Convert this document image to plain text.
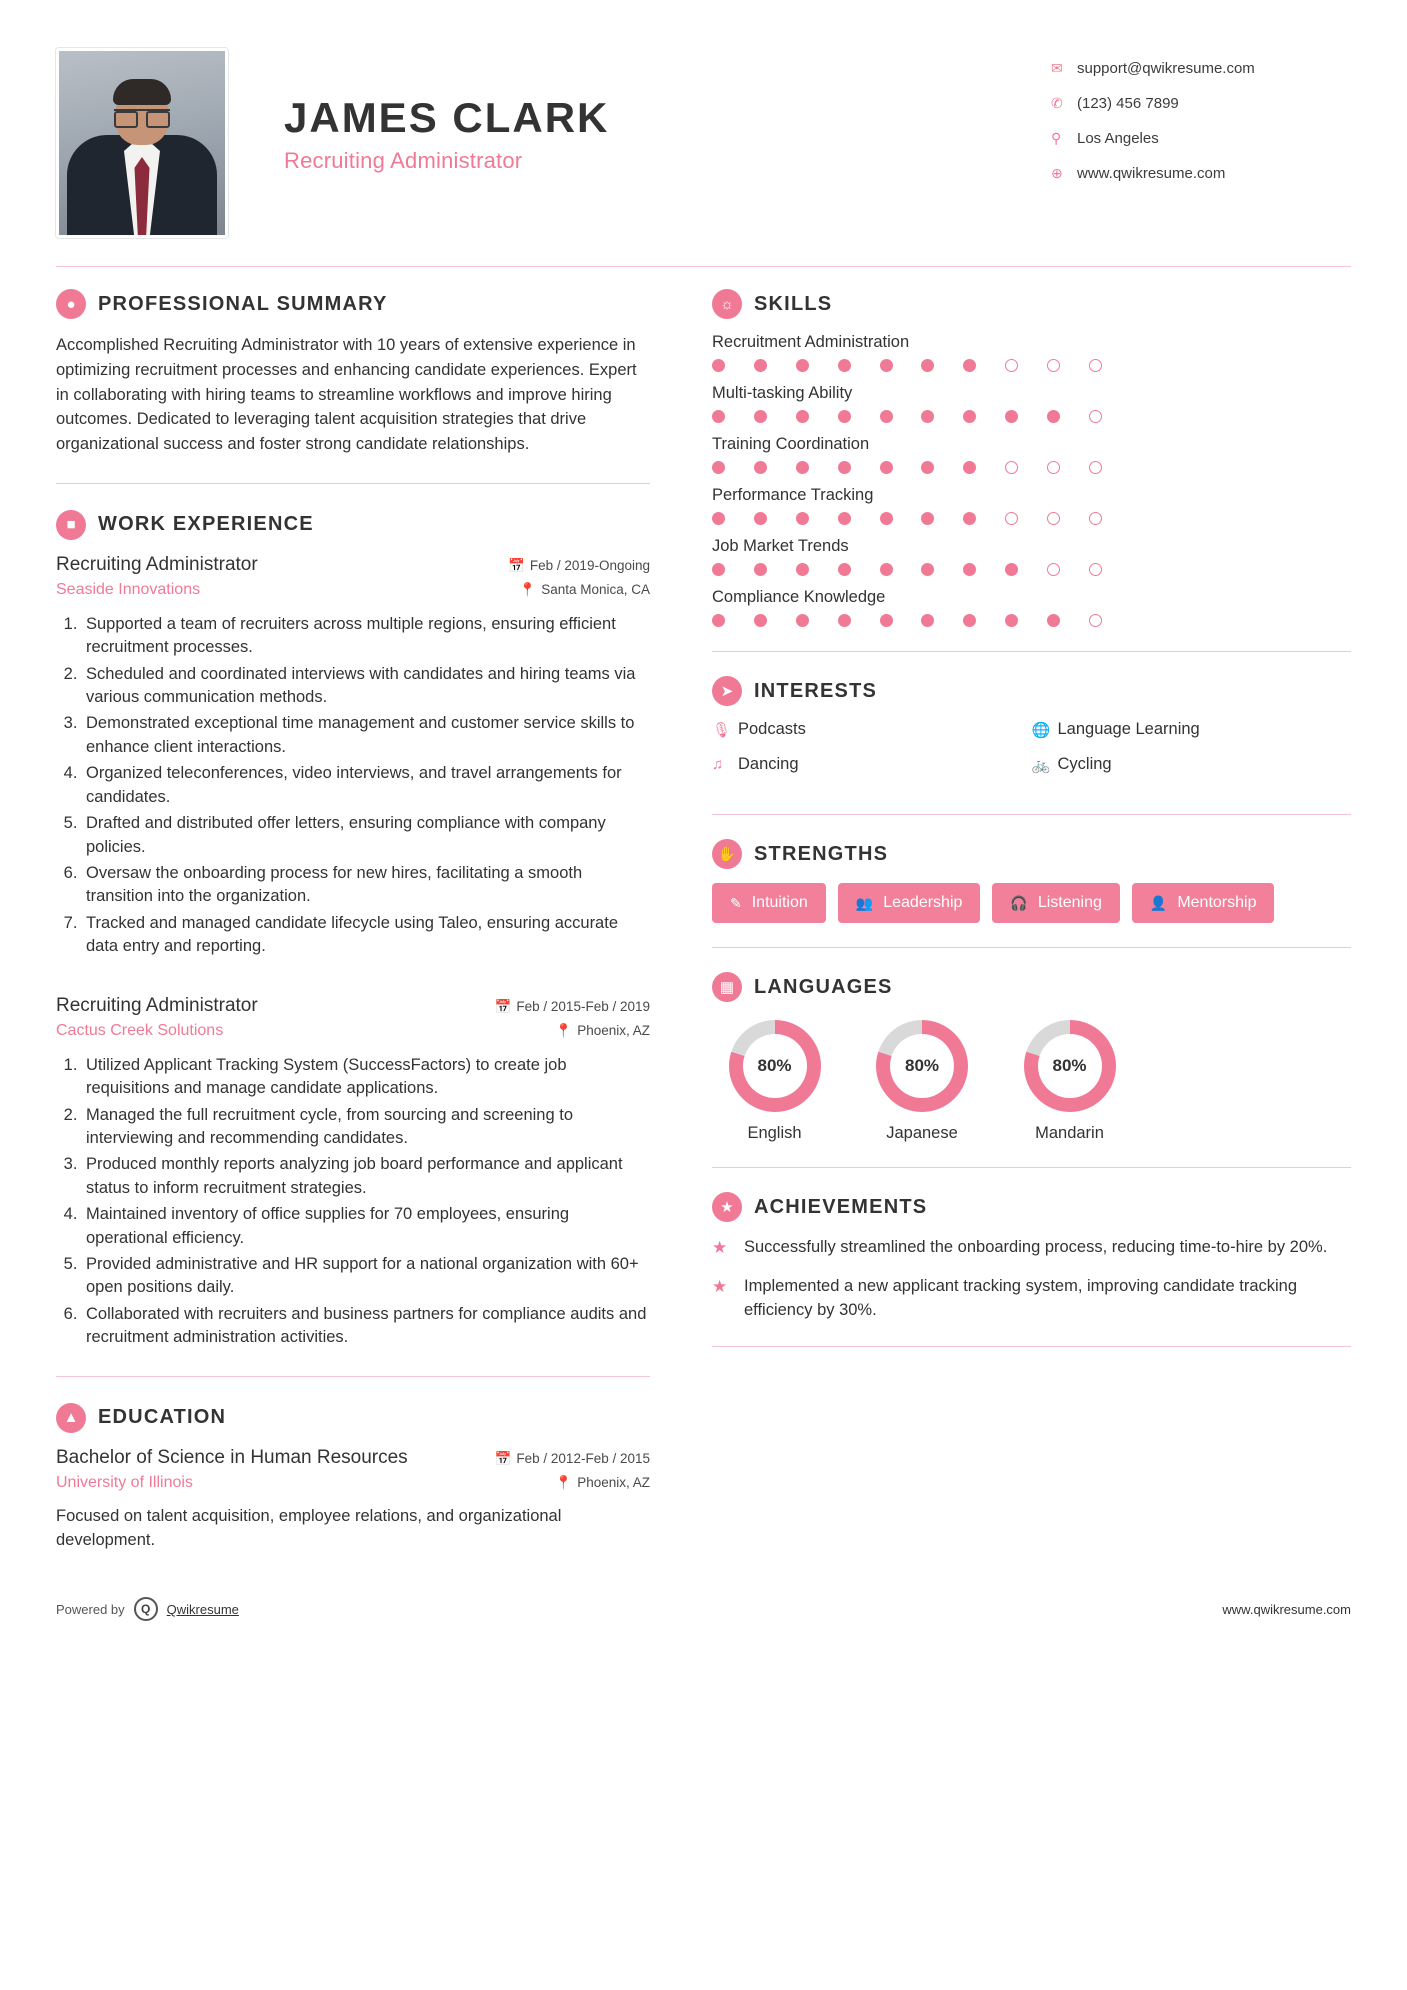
JAMES CLARK
Recruiting Administrator
✉ support@qwikresume.com
✆ (123) 456 7899
⚲	Los Angeles
⊕ www.qwikresume.com
●	PROFESSIONAL SUMMARY
Accomplished Recruiting Administrator with 10 years of extensive experience in optimizing recruitment processes and enhancing candidate experiences. Expert in collaborating with hiring teams to streamline workflows and improve hiring outcomes. Dedicated to leveraging talent acquisition strategies that drive organizational success and foster strong candidate relationships.
■	WORK EXPERIENCE
Recruiting Administrator	📅 Feb / 2019-Ongoing
Seaside Innovations	📍 Santa Monica, CA
1. Supported a team of recruiters across multiple regions, ensuring efficient recruitment processes.
2. Scheduled and coordinated interviews with candidates and hiring teams via various communication methods.
3. Demonstrated exceptional time management and customer service skills to enhance client interactions.
4. Organized teleconferences, video interviews, and travel arrangements for candidates.
5. Drafted and distributed offer letters, ensuring compliance with company policies.
6. Oversaw the onboarding process for new hires, facilitating a smooth transition into the organization.
7. Tracked and managed candidate lifecycle using Taleo, ensuring accurate data entry and reporting.
Recruiting Administrator	📅 Feb / 2015-Feb / 2019
Cactus Creek Solutions	📍 Phoenix, AZ
1. Utilized Applicant Tracking System (SuccessFactors) to create job requisitions and manage candidate applications.
2. Managed the full recruitment cycle, from sourcing and screening to interviewing and recommending candidates.
3. Produced monthly reports analyzing job board performance and applicant status to inform recruitment strategies.
4. Maintained inventory of office supplies for 70 employees, ensuring operational efficiency.
5. Provided administrative and HR support for a national organization with 60+ open positions daily.
6. Collaborated with recruiters and business partners for compliance audits and recruitment administration activities.
▲ EDUCATION
Bachelor of Science in Human Resources	📅 Feb / 2012-Feb / 2015
University of Illinois	📍 Phoenix, AZ
Focused on talent acquisition, employee relations, and organizational development.
☼	SKILLS
Recruitment Administration
Multi-tasking Ability
Training Coordination
Performance Tracking
Job Market Trends
Compliance Knowledge
➤	INTERESTS
🎙 Podcasts	🌐 Language Learning
♫ Dancing	🚲 Cycling
✋ STRENGTHS
✎ Intuition	👥 Leadership	🎧 Listening	👤 Mentorship
▦ LANGUAGES
80%
English
80%
Japanese
80%
Mandarin
★	ACHIEVEMENTS
★	Successfully streamlined the onboarding process, reducing time-to-hire by 20%.
★	Implemented a new applicant tracking system, improving candidate tracking efficiency by 30%.
Powered by	Q	Qwikresume	www.qwikresume.com
